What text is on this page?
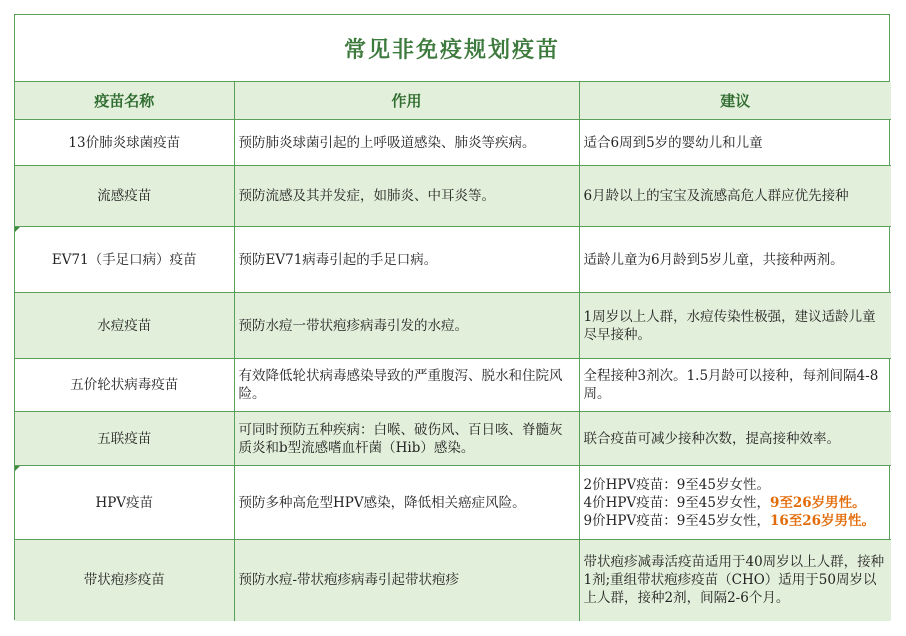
常见非免疫规划疫苗
疫苗名称	作用	建议
13价肺炎球菌疫苗	预防肺炎球菌引起的上呼吸道感染、肺炎等疾病。	适合6周到5岁的婴幼儿和儿童
流感疫苗	预防流感及其并发症，如肺炎、中耳炎等。	6月龄以上的宝宝及流感高危人群应优先接种

EV71（手足口病）疫苗	预防EV71病毒引起的手足口病。	适龄儿童为6月龄到5岁儿童，共接种两剂。
水痘疫苗	预防水痘一带状疱疹病毒引发的水痘。	1周岁以上人群，水痘传染性极强，建议适龄儿童尽早接种。
五价轮状病毒疫苗	有效降低轮状病毒感染导致的严重腹泻、脱水和住院风险。	全程接种3剂次。1.5月龄可以接种，每剂间隔4-8周。
五联疫苗	可同时预防五种疾病：白喉、破伤风、百日咳、脊髓灰质炎和b型流感嗜血杆菌（Hib）感染。	联合疫苗可减少接种次数，提高接种效率。

HPV疫苗	预防多种高危型HPV感染，降低相关癌症风险。	2价HPV疫苗：9至45岁女性。
4价HPV疫苗：9至45岁女性，9至26岁男性。
9价HPV疫苗：9至45岁女性，16至26岁男性。

带状疱疹疫苗	预防水痘-带状疱疹病毒引起带状疱疹	带状疱疹减毒活疫苗适用于40周岁以上人群，接种1剂;重组带状疱疹疫苗（CHO）适用于50周岁以上人群，接种2剂，间隔2-6个月。
